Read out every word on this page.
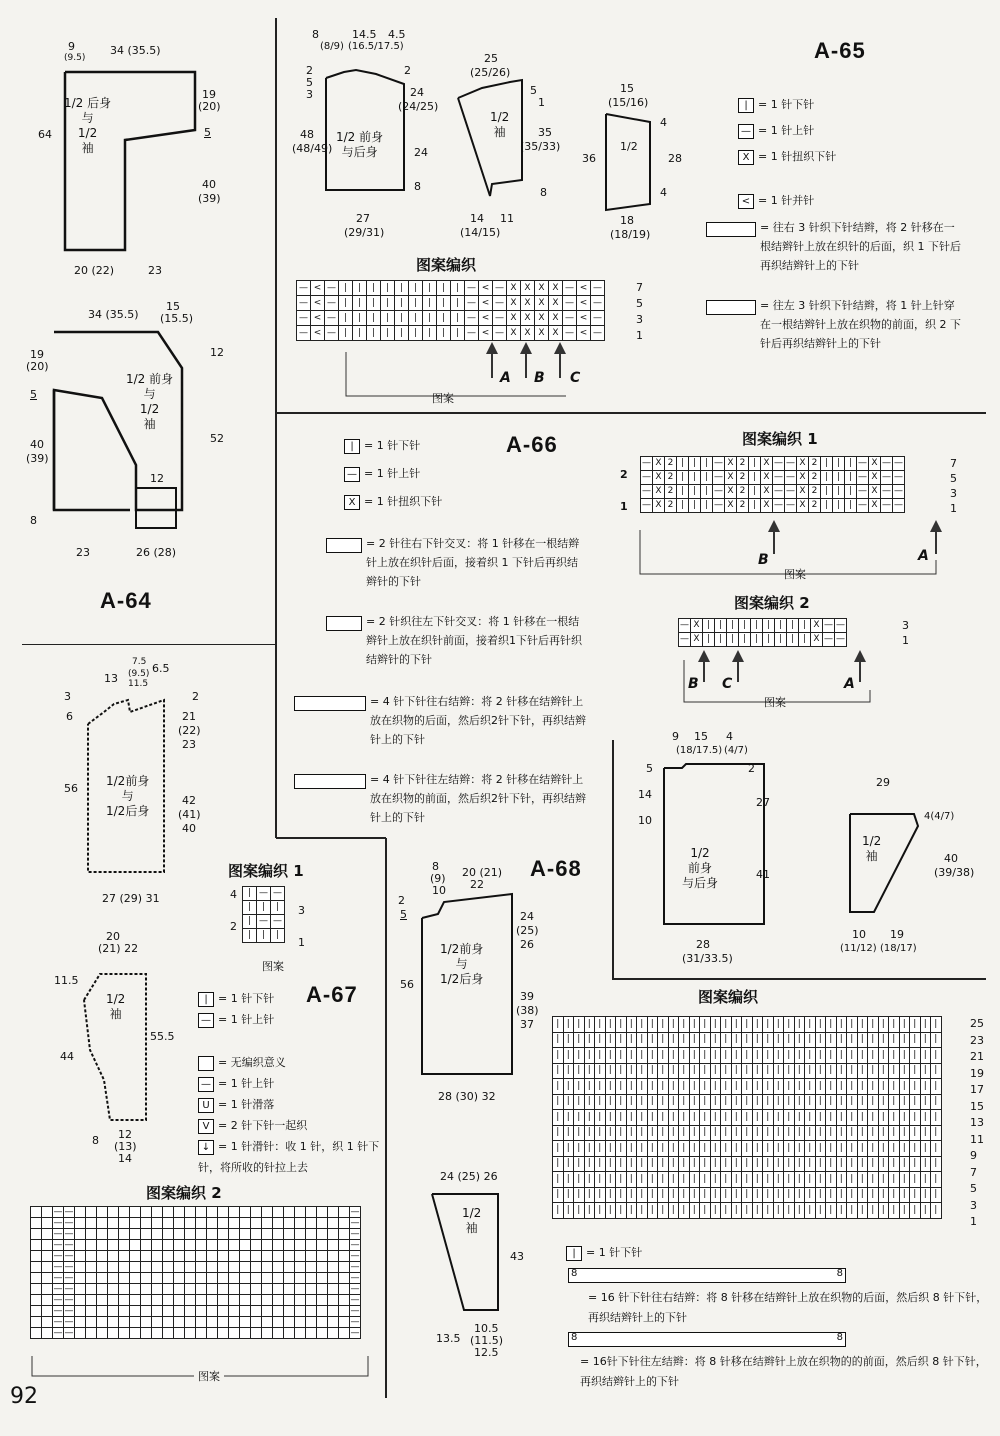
1/2 后身
与
1/2
袖
9
(9.5)
34 (35.5)
64
19
(20)
5
40
(39)
20 (22)	23
1/2 前身
与
1/2
袖
34 (35.5)
15
(15.5)
19
(20)
5
40
(39)
8
12
52
12
23	26 (28)
A-64
A-65
1/2 前身
与后身
8
(8/9)
14.5
(16.5/17.5)
4.5
2
5
3
48
(48/49)
2
24
(24/25)
24
8
27
(29/31)
1/2
袖
25
(25/26)
5
1
35
(35/33)
8
14 11
(14/15)
1/2
15
(15/16)
36
4
28
4
18
(18/19)
图案编织
—	<	—	|	|	|	|	|	|	|	|	|	—	<	—	X	X	X	X	—	<	—
—	<	—	|	|	|	|	|	|	|	|	|	—	<	—	X	X	X	X	—	<	—
—	<	—	|	|	|	|	|	|	|	|	|	—	<	—	X	X	X	X	—	<	—
—	<	—	|	|	|	|	|	|	|	|	|	—	<	—	X	X	X	X	—	<	—
7
5
3
1
A B C
图案
| = 1 针下针
— = 1 针上针
X = 1 针扭织下针
< = 1 针并针
= 往右 3 针织下针结辫，将 2 针移在一根结辫针上放在织针的后面，织 1 下针后再织结辫针上的下针
= 往左 3 针织下针结辫，将 1 针上针穿在一根结辫针上放在织物的前面，织 2 下针后再织结辫针上的下针
A-66
| = 1 针下针
— = 1 针上针
X = 1 针扭织下针
= 2 针往右下针交叉：将 1 针移在一根结辫针上放在织针后面，接着织 1 下针后再织结辫针的下针
= 2 针织往左下针交叉：将 1 针移在一根结辫针上放在织针前面，接着织1下针后再针织结辫针的下针
= 4 针下针往右结辫：将 2 针移在结辫针上放在织物的后面，然后织2针下针，再织结辫针上的下针
= 4 针下针往左结辫：将 2 针移在结辫针上放在织物的前面，然后织2针下针，再织结辫针上的下针
图案编织 1
—	X	2	|	|	|	—	X	2	|	X	—	—	X	2	|	|	|	—	X	—	—
—	X	2	|	|	|	—	X	2	|	X	—	—	X	2	|	|	|	—	X	—	—
—	X	2	|	|	|	—	X	2	|	X	—	—	X	2	|	|	|	—	X	—	—
—	X	2	|	|	|	—	X	2	|	X	—	—	X	2	|	|	|	—	X	—	—
7
5
3
1
2
1
B	A
图案
图案编织 2
—	X	|	|	|	|	|	|	|	|	|	X	—	—
—	X	|	|	|	|	|	|	|	|	|	X	—	—
3
1
B C	A
图案
1/2
前身
与后身
9 15 4
(18/17.5) (4/7)
5
14
10
2
27
41
28
(31/33.5)
1/2
袖
29
4(4/7)
40
(39/38)
10 19
(11/12) (18/17)
1/2前身
与
1/2后身
13
7.5
(9.5)
11.5
6.5
3
6
56
2
21
(22)
23
42
(41)
40
27 (29) 31
1/2
袖
20
(21) 22
11.5
44
55.5
8 12
(13)
14
图案编织 1
|	—	—
|	|	|
|	—	—
|	|	|
4
2
3
1
图案
A-67
| = 1 针下针
— = 1 针上针
= 无编织意义
— = 1 针上针
U = 1 针滑落
V = 2 针下针一起织
↓ = 1 针滑针：收 1 针，织 1 针下针，将所收的针拉上去
图案编织 2
		—	—																										—
		—	—																										—
		—	—																										—
		—	—																										—
		—	—																										—
		—	—																										—
		—	—																										—
		—	—																										—
		—	—																										—
		—	—																										—
		—	—																										—
		—	—																										—
图案
A-68
1/2前身
与
1/2后身
8
(9)
10
20 (21)
22
2
5
56
24
(25)
26
39
(38)
37
28 (30) 32
1/2
袖
24 (25) 26
43
13.5
10.5
(11.5)
12.5
图案编织
|	|	|	|	|	|	|	|	|	|	|	|	|	|	|	|	|	|	|	|	|	|	|	|	|	|	|	|	|	|	|	|	|	|	|	|	|
|	|	|	|	|	|	|	|	|	|	|	|	|	|	|	|	|	|	|	|	|	|	|	|	|	|	|	|	|	|	|	|	|	|	|	|	|
|	|	|	|	|	|	|	|	|	|	|	|	|	|	|	|	|	|	|	|	|	|	|	|	|	|	|	|	|	|	|	|	|	|	|	|	|
|	|	|	|	|	|	|	|	|	|	|	|	|	|	|	|	|	|	|	|	|	|	|	|	|	|	|	|	|	|	|	|	|	|	|	|	|
|	|	|	|	|	|	|	|	|	|	|	|	|	|	|	|	|	|	|	|	|	|	|	|	|	|	|	|	|	|	|	|	|	|	|	|	|
|	|	|	|	|	|	|	|	|	|	|	|	|	|	|	|	|	|	|	|	|	|	|	|	|	|	|	|	|	|	|	|	|	|	|	|	|
|	|	|	|	|	|	|	|	|	|	|	|	|	|	|	|	|	|	|	|	|	|	|	|	|	|	|	|	|	|	|	|	|	|	|	|	|
|	|	|	|	|	|	|	|	|	|	|	|	|	|	|	|	|	|	|	|	|	|	|	|	|	|	|	|	|	|	|	|	|	|	|	|	|
|	|	|	|	|	|	|	|	|	|	|	|	|	|	|	|	|	|	|	|	|	|	|	|	|	|	|	|	|	|	|	|	|	|	|	|	|
|	|	|	|	|	|	|	|	|	|	|	|	|	|	|	|	|	|	|	|	|	|	|	|	|	|	|	|	|	|	|	|	|	|	|	|	|
|	|	|	|	|	|	|	|	|	|	|	|	|	|	|	|	|	|	|	|	|	|	|	|	|	|	|	|	|	|	|	|	|	|	|	|	|
|	|	|	|	|	|	|	|	|	|	|	|	|	|	|	|	|	|	|	|	|	|	|	|	|	|	|	|	|	|	|	|	|	|	|	|	|
|	|	|	|	|	|	|	|	|	|	|	|	|	|	|	|	|	|	|	|	|	|	|	|	|	|	|	|	|	|	|	|	|	|	|	|	|
25
23
21
19
17
15
13
11
9
7
5
3
1
| = 1 针下针
8	8
= 16 针下针往右结辫：将 8 针移在结辫针上放在织物的后面，然后织 8 针下针，再织结辫针上的下针
8	8
= 16针下针往左结辫：将 8 针移在结辫针上放在织物的的前面，然后织 8 针下针，再织结辫针上的下针
92
